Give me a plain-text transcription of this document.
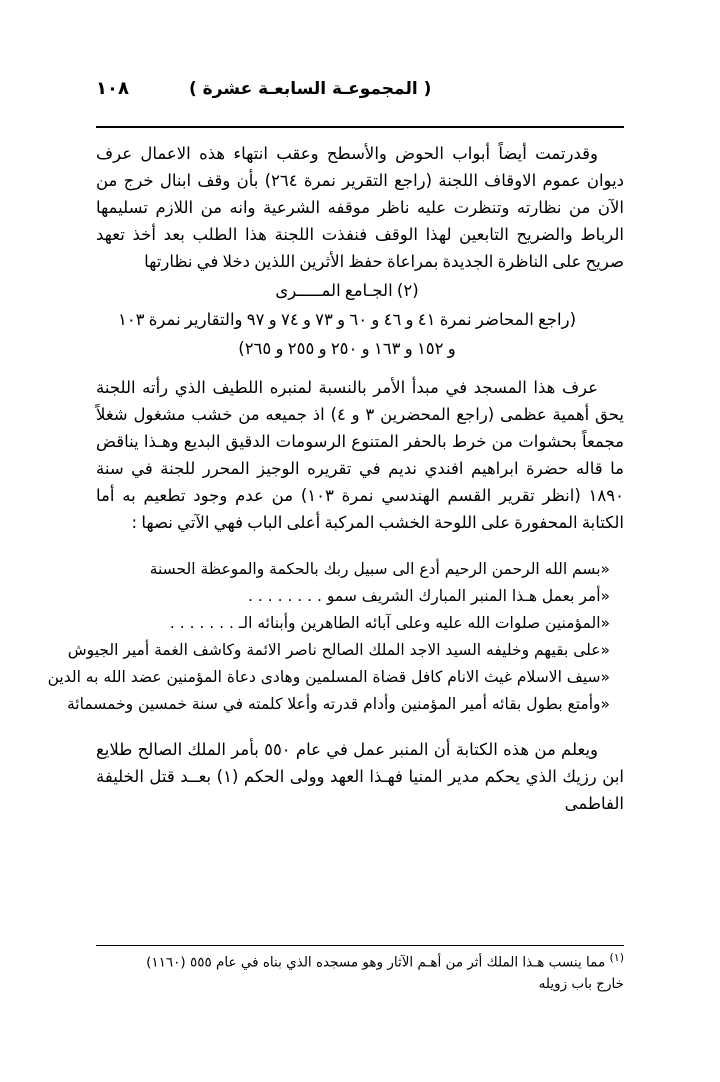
١٠٨	( المجموعـة السابعـة عشرة )

وقدرتمت أيضاً أبواب الحوض والأسطح وعقب انتهاء هذه الاعمال عرف ديوان عموم الاوقاف اللجنة (راجع التقرير نمرة ٢٦٤) بأن وقف ابنال خرج من الآن من نظارته وتنظرت عليه ناظر موقفه الشرعية وانه من اللازم تسليمها الرباط والضريح التابعين لهذا الوقف فنفذت اللجنة هذا الطلب بعد أخذ تعهد صريح على الناظرة الجديدة بمراعاة حفظ الأثرين اللذين دخلا في نظارتها

(٢) الجـامع المـــــرى

(راجع المحاضر نمرة ٤١ و ٤٦ و ٦٠ و ٧٣ و ٧٤ و ٩٧ والتقارير نمرة ١٠٣

و ١٥٢ و ١٦٣ و ٢٥٠ و ٢٥٥ و ٢٦٥)

عرف هذا المسجد في مبدأ الأمر بالنسبة لمنبره اللطيف الذي رأته اللجنة يحق أهمية عظمى (راجع المحضرين ٣ و ٤) اذ جميعه من خشب مشغول شغلاً مجمعاً بحشوات من خرط بالحفر المتنوع الرسومات الدقيق البديع وهـذا يناقض ما قاله حضرة ابراهيم افندي نديم في تقريره الوجيز المحرر للجنة في سنة ١٨٩٠ (انظر تقرير القسم الهندسي نمرة ١٠٣) من عدم وجود تطعيم به أما الكتابة المحفورة على اللوحة الخشب المركبة أعلى الباب فهي الآتي نصها :

«بسم الله الرحمن الرحيم أدع الى سبيل ربك بالحكمة والموعظة الحسنة

«أمر بعمل هـذا المنبر المبارك الشريف سمو . . . . . . . .

«المؤمنين صلوات الله عليه وعلى آبائه الطاهرين وأبنائه الـ . . . . . . .

«على بقيهم وخليفه السيد الاجد الملك الصالح ناصر الائمة وكاشف الغمة أمير الجيوش

«سيف الاسلام غيث الانام كافل قضاة المسلمين وهادى دعاة المؤمنين عضد الله به الدين

«وأمتع بطول بقائه أمير المؤمنين وأدام قدرته وأعلا كلمته في سنة خمسين وخمسمائة

ويعلم من هذه الكتابة أن المنبر عمل في عام ٥٥٠ بأمر الملك الصالح طلايع ابن رزيك الذي يحكم مدير المنيا فهـذا العهد وولى الحكم (١) بعــد قتل الخليفة الفاطمى

$^{(١)}$ مما ينسب هـذا الملك أثر من أهـم الآثار وهو مسجده الذي بناه في عام ٥٥٥ (١١٦٠)
خارج باب زويله
